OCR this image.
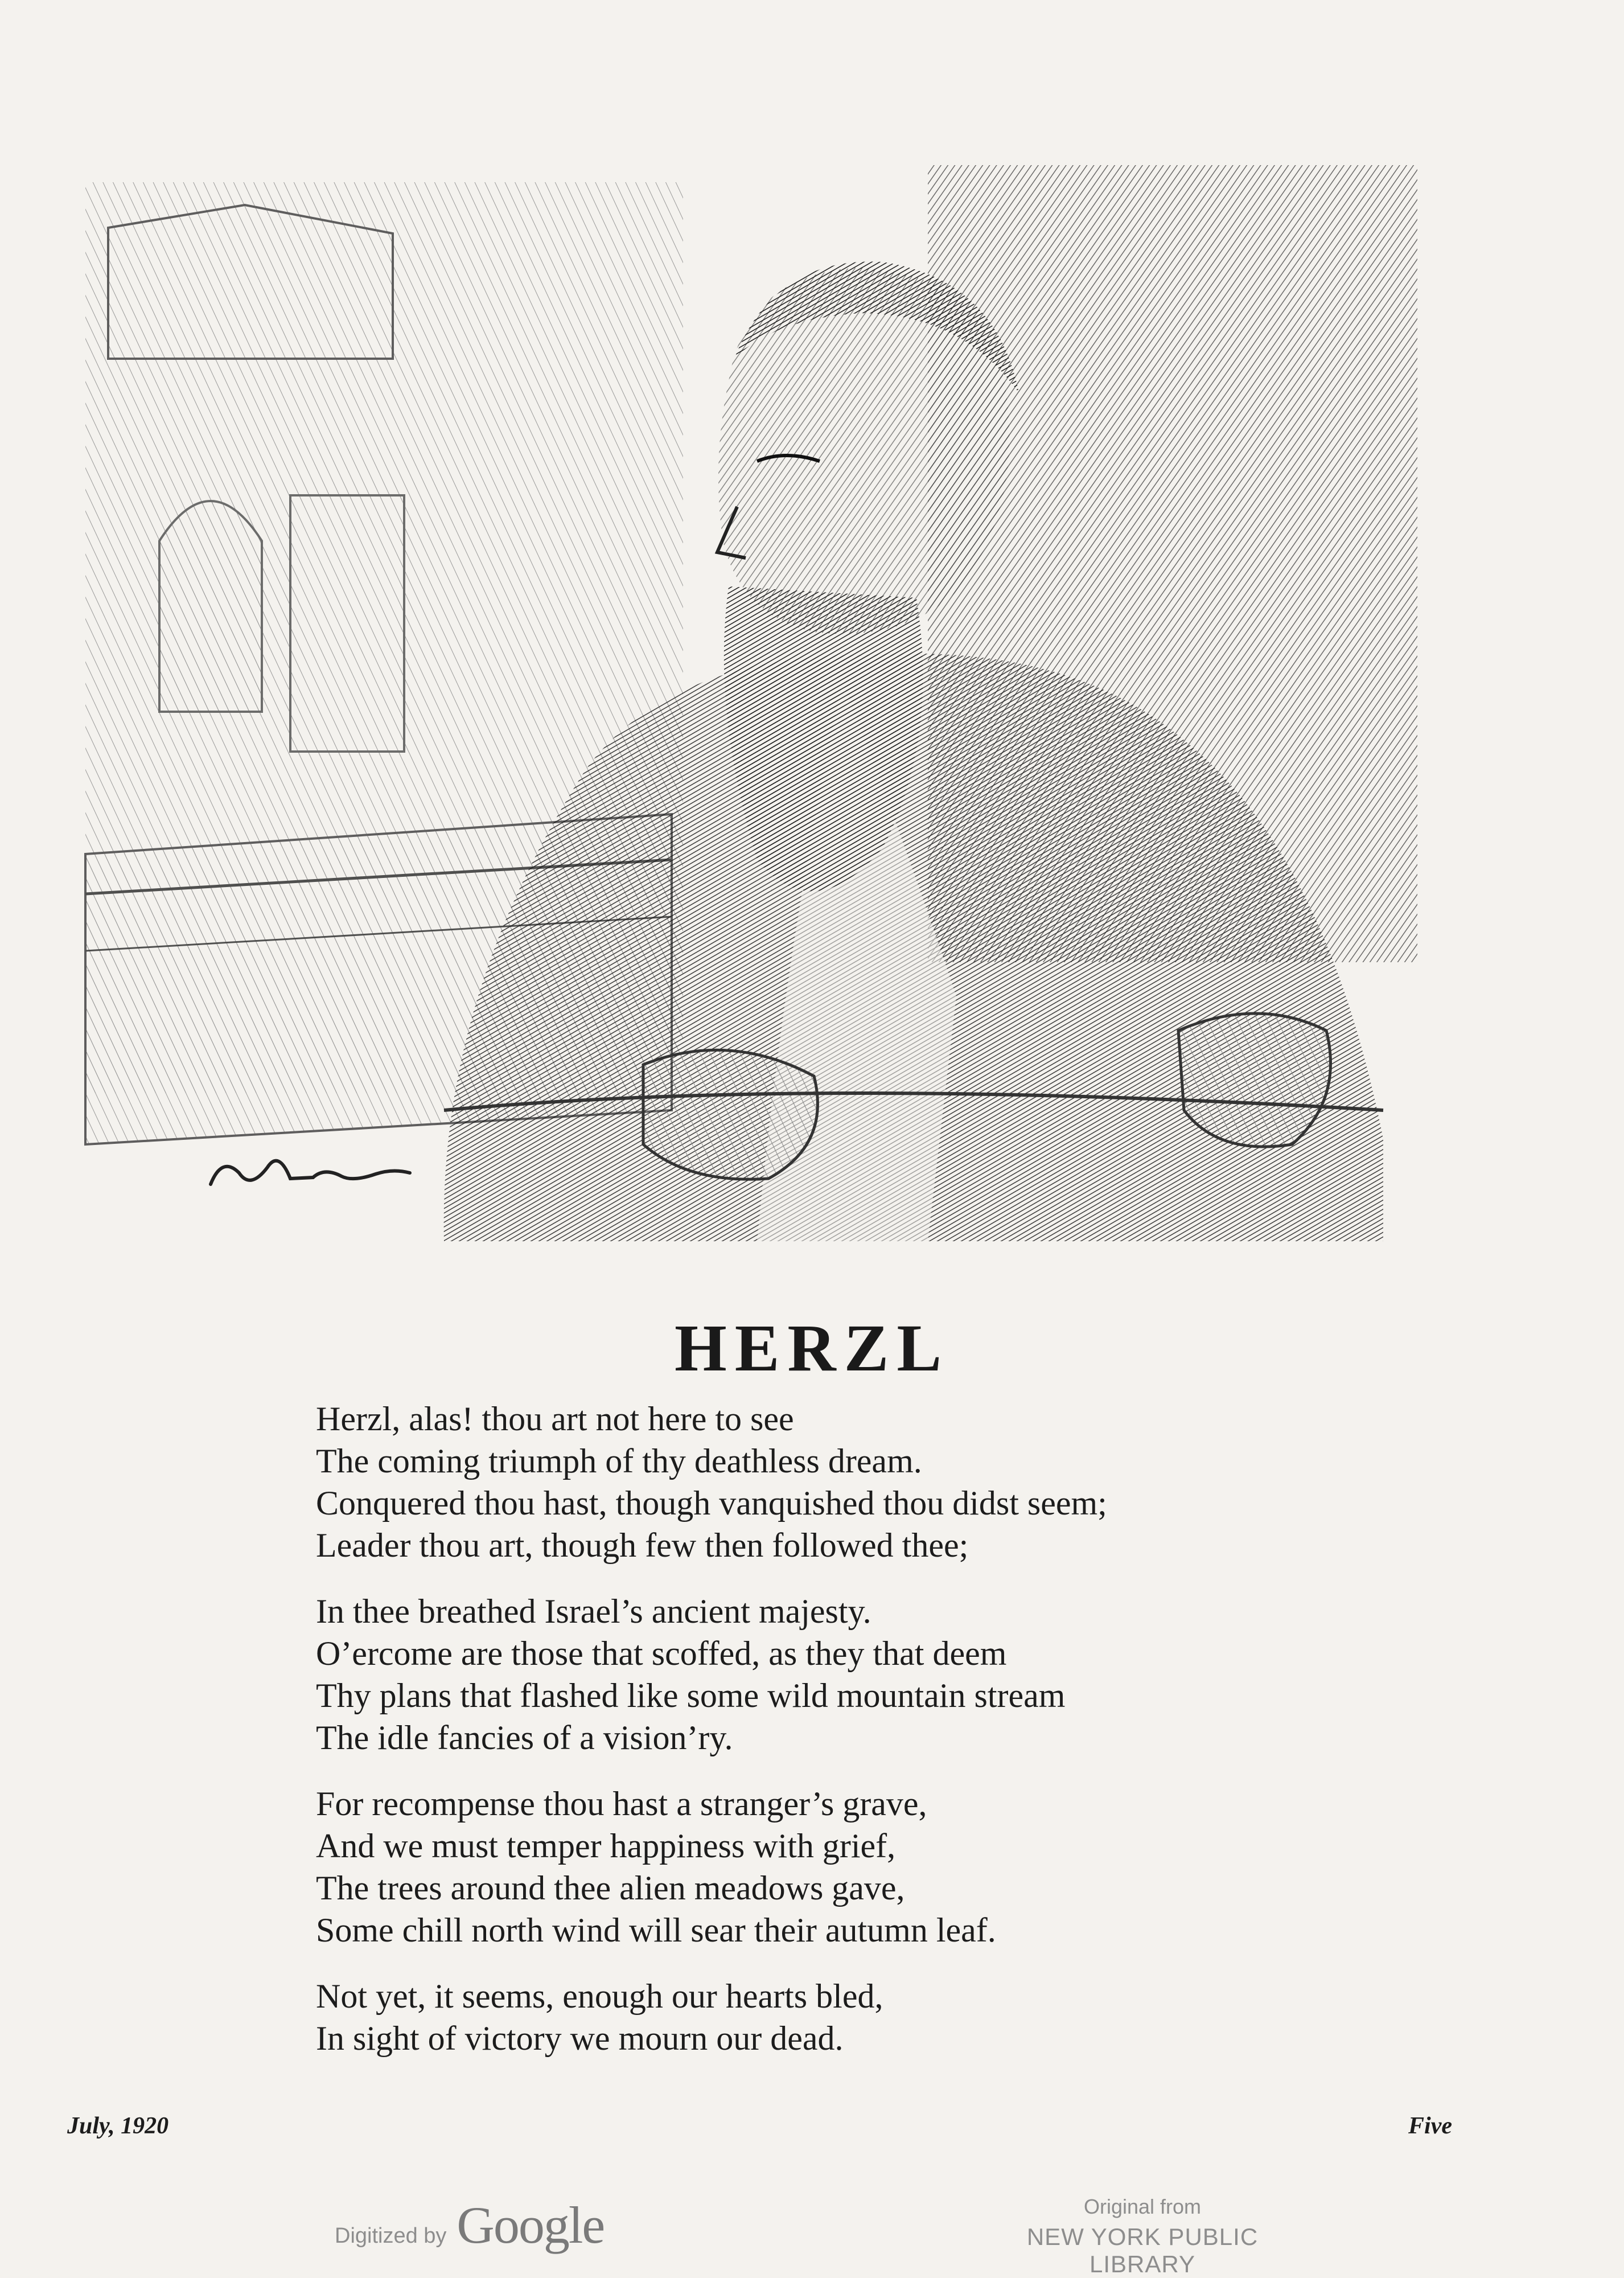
HERZL
Herzl, alas! thou art not here to see
The coming triumph of thy deathless dream.
Conquered thou hast, though vanquished thou didst seem;
Leader thou art, though few then followed thee;
In thee breathed Israel’s ancient majesty.
O’ercome are those that scoffed, as they that deem
Thy plans that flashed like some wild mountain stream
The idle fancies of a vision’ry.
For recompense thou hast a stranger’s grave,
And we must temper happiness with grief,
The trees around thee alien meadows gave,
Some chill north wind will sear their autumn leaf.
Not yet, it seems, enough our hearts bled,
In sight of victory we mourn our dead.
July, 1920	Five
Digitized by Google	Original from
NEW YORK PUBLIC LIBRARY
